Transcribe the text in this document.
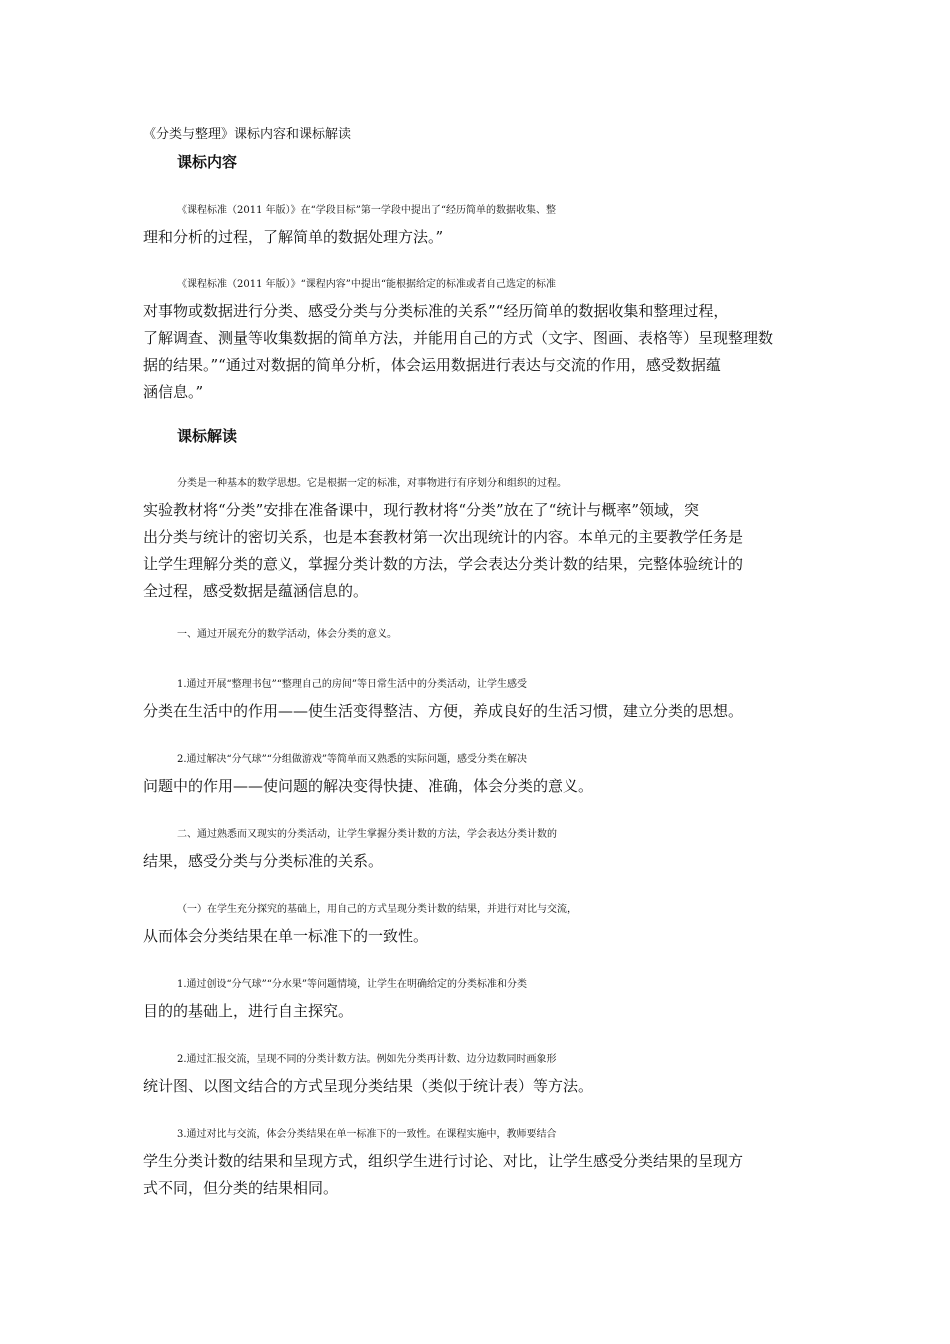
《分类与整理》课标内容和课标解读
课标内容
《课程标准（2011 年版）》在“学段目标”第一学段中提出了“经历简单的数据收集、整
理和分析的过程，了解简单的数据处理方法。”
《课程标准（2011 年版）》“课程内容”中提出“能根据给定的标准或者自己选定的标准
对事物或数据进行分类、感受分类与分类标准的关系”“经历简单的数据收集和整理过程，
了解调查、测量等收集数据的简单方法，并能用自己的方式（文字、图画、表格等）呈现整理数
据的结果。”“通过对数据的简单分析，体会运用数据进行表达与交流的作用，感受数据蕴
涵信息。”
课标解读
分类是一种基本的数学思想。它是根据一定的标准，对事物进行有序划分和组织的过程。
实验教材将“分类”安排在准备课中，现行教材将“分类”放在了“统计与概率”领域，突
出分类与统计的密切关系，也是本套教材第一次出现统计的内容。本单元的主要教学任务是
让学生理解分类的意义，掌握分类计数的方法，学会表达分类计数的结果，完整体验统计的
全过程，感受数据是蕴涵信息的。
一、通过开展充分的数学活动，体会分类的意义。
1.通过开展“整理书包”“整理自己的房间”等日常生活中的分类活动，让学生感受
分类在生活中的作用——使生活变得整洁、方便，养成良好的生活习惯，建立分类的思想。
2.通过解决“分气球”“分组做游戏”等简单而又熟悉的实际问题，感受分类在解决
问题中的作用——使问题的解决变得快捷、准确，体会分类的意义。
二、通过熟悉而又现实的分类活动，让学生掌握分类计数的方法，学会表达分类计数的
结果，感受分类与分类标准的关系。
（一）在学生充分探究的基础上，用自己的方式呈现分类计数的结果，并进行对比与交流，
从而体会分类结果在单一标准下的一致性。
1.通过创设“分气球”“分水果”等问题情境，让学生在明确给定的分类标准和分类
目的的基础上，进行自主探究。
2.通过汇报交流，呈现不同的分类计数方法。例如先分类再计数、边分边数同时画象形
统计图、以图文结合的方式呈现分类结果（类似于统计表）等方法。
3.通过对比与交流，体会分类结果在单一标准下的一致性。在课程实施中，教师要结合
学生分类计数的结果和呈现方式，组织学生进行讨论、对比，让学生感受分类结果的呈现方
式不同，但分类的结果相同。
